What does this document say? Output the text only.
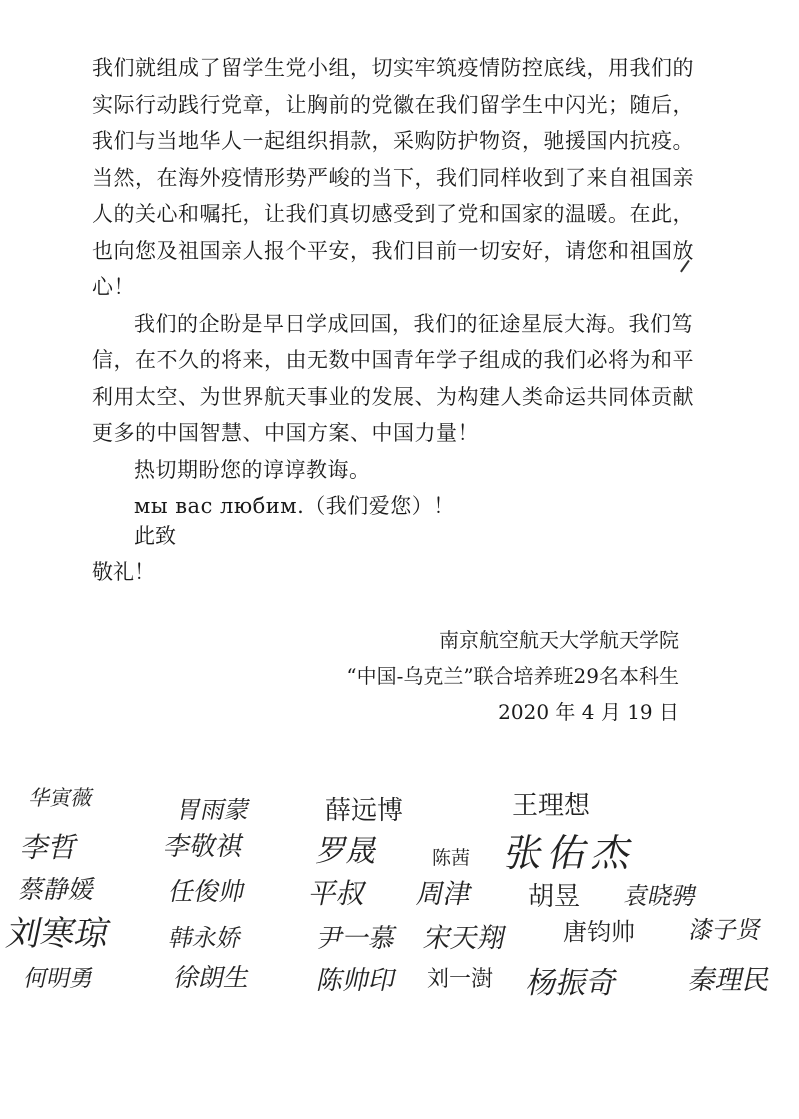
我们就组成了留学生党小组，切实牢筑疫情防控底线，用我们的实际行动践行党章，让胸前的党徽在我们留学生中闪光；随后，我们与当地华人一起组织捐款，采购防护物资，驰援国内抗疫。当然，在海外疫情形势严峻的当下，我们同样收到了来自祖国亲人的关心和嘱托，让我们真切感受到了党和国家的温暖。在此，也向您及祖国亲人报个平安，我们目前一切安好，请您和祖国放心！

我们的企盼是早日学成回国，我们的征途星辰大海。我们笃信，在不久的将来，由无数中国青年学子组成的我们必将为和平利用太空、为世界航天事业的发展、为构建人类命运共同体贡献更多的中国智慧、中国方案、中国力量！

热切期盼您的谆谆教诲。

мы вас любим.（我们爱您）！

此致
敬礼！
南京航空航天大学航天学院
“中国-乌克兰”联合培养班29名本科生
2020 年 4 月 19 日
华寅薇	胃雨蒙	薛远博	王理想
李哲	李敬祺 罗晟	陈茜 张佑杰
蔡静媛	任俊帅 平叔 周津 胡昱 袁晓骋
刘寒琼 韩永娇	尹一慕 宋天翔 唐钧帅 漆子贤
何明勇	徐朗生 陈帅印 刘一澍 杨振奇 秦理民
